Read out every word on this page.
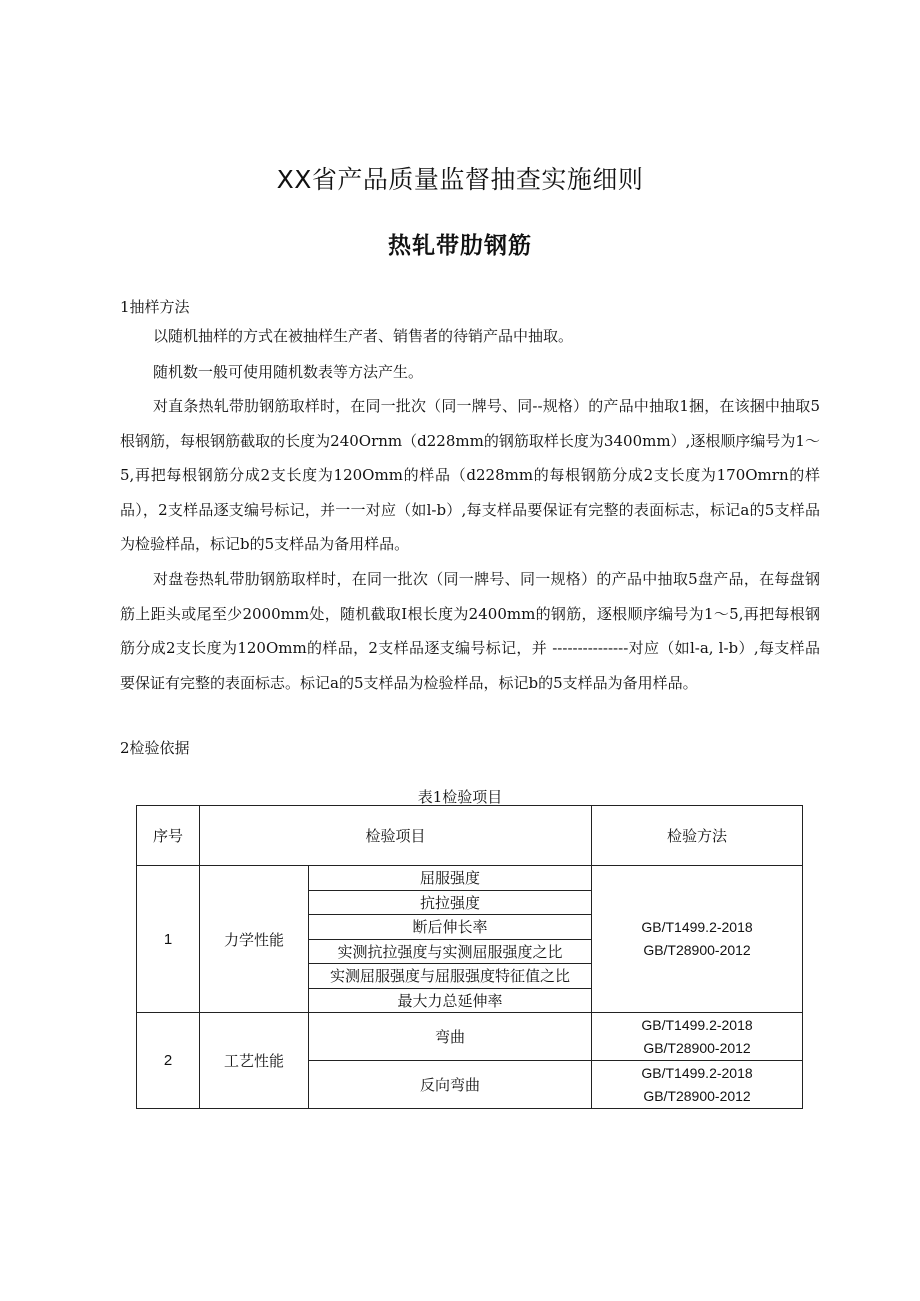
XX省产品质量监督抽查实施细则
热轧带肋钢筋
1抽样方法

以随机抽样的方式在被抽样生产者、销售者的待销产品中抽取。

随机数一般可使用随机数表等方法产生。

对直条热轧带肋钢筋取样时，在同一批次（同一牌号、同--规格）的产品中抽取1捆，在该捆中抽取5根钢筋，每根钢筋截取的长度为240Ornm（d228mm的钢筋取样长度为3400mm）,逐根顺序编号为1～5,再把每根钢筋分成2支长度为120Omm的样品（d228mm的每根钢筋分成2支长度为170Omrn的样品），2支样品逐支编号标记，并一一对应（如l-b）,每支样品要保证有完整的表面标志，标记a的5支样品为检验样品，标记b的5支样品为备用样品。

对盘卷热轧带肋钢筋取样时，在同一批次（同一牌号、同一规格）的产品中抽取5盘产品，在每盘钢筋上距头或尾至少2000mm处，随机截取I根长度为2400mm的钢筋，逐根顺序编号为1～5,再把每根钢筋分成2支长度为120Omm的样品，2支样品逐支编号标记，并 ---------------对应（如l-a, l-b）,每支样品要保证有完整的表面标志。标记a的5支样品为检验样品，标记b的5支样品为备用样品。

2检验依据
表1检验项目
序号	检验项目		检验方法
1	力学性能	屈服强度	GB/T1499.2-2018
GB/T28900-2012

		抗拉强度	
		断后伸长率	
		实测抗拉强度与实测屈服强度之比	
		实测屈服强度与屈服强度特征值之比	
		最大力总延伸率	
2	工艺性能	弯曲	GB/T1499.2-2018
GB/T28900-2012

		反向弯曲	GB/T1499.2-2018
GB/T28900-2012
